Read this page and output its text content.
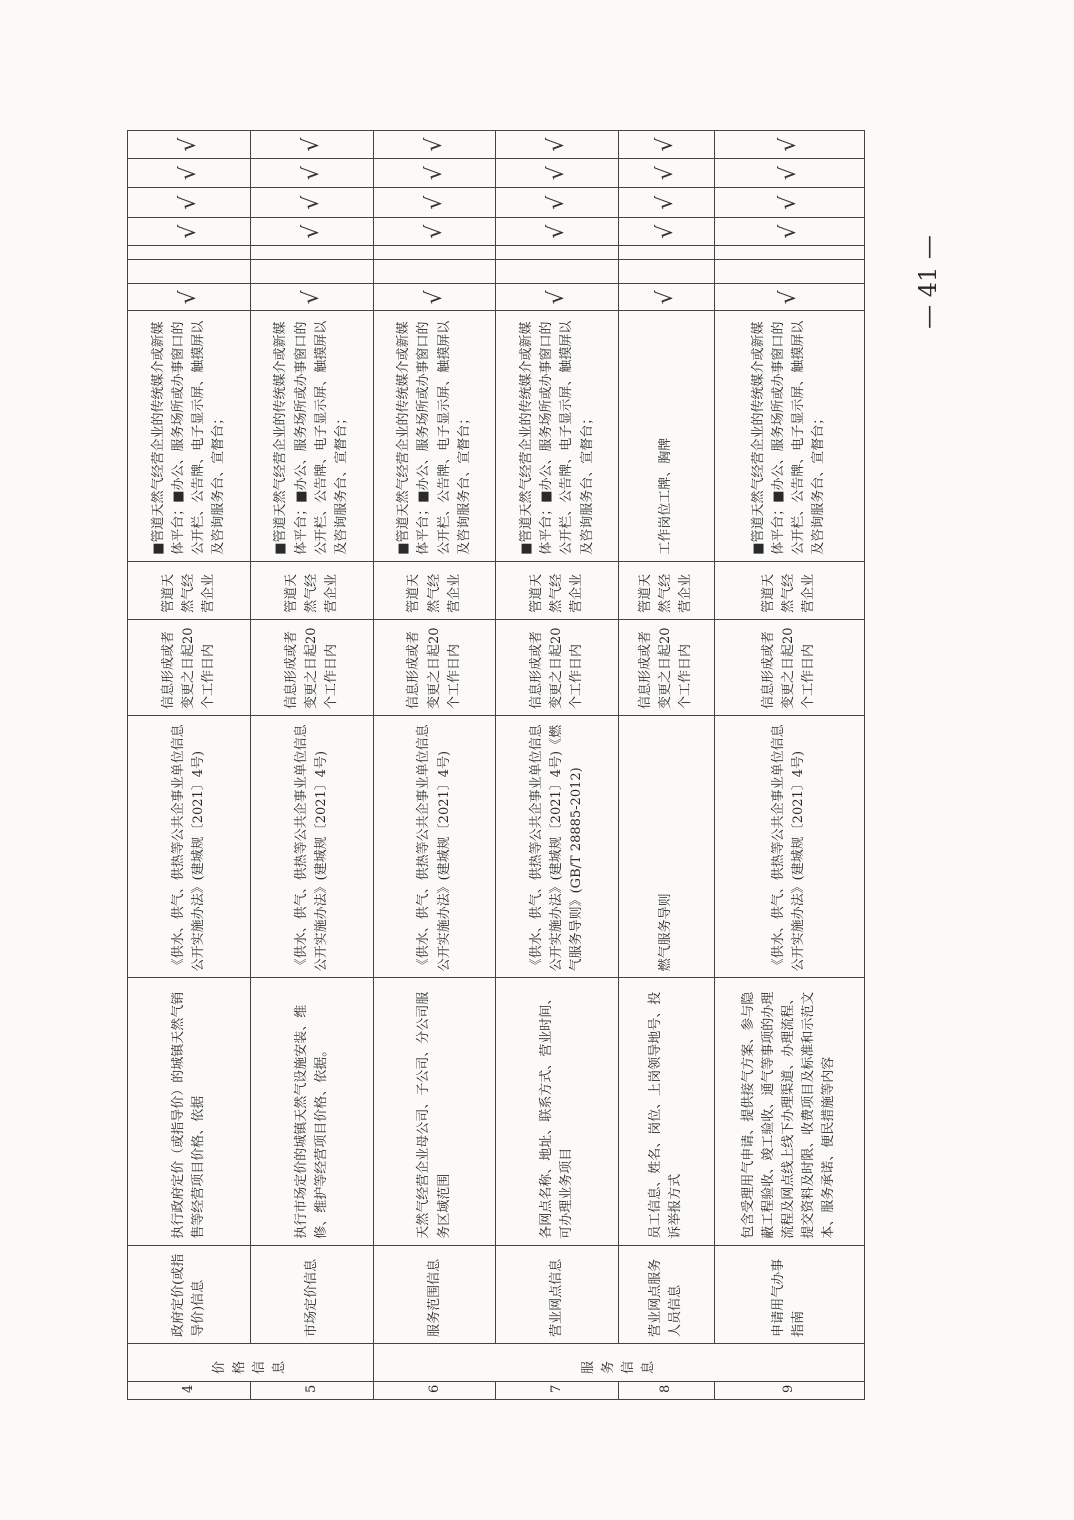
4	价格信息	政府定价(或指导价)信息	执行政府定价（或指导价）的城镇天然气销售等经营项目价格、依据	《供水、供气、供热等公共企事业单位信息公开实施办法》(建城规〔2021〕4号)	信息形成或者变更之日起20个工作日内	管道天然气经营企业	■管道天然气经营企业的传统媒介或新媒体平台；■办公、服务场所或办事窗口的公开栏、公告牌、电子显示屏、触摸屏以及咨询服务台、宣督台；	√			√	√	√	√
5		市场定价信息	执行市场定价的城镇天然气设施安装、维修、维护等经营项目价格、依据。	《供水、供气、供热等公共企事业单位信息公开实施办法》(建城规〔2021〕4号)	信息形成或者变更之日起20个工作日内	管道天然气经营企业	■管道天然气经营企业的传统媒介或新媒体平台；■办公、服务场所或办事窗口的公开栏、公告牌、电子显示屏、触摸屏以及咨询服务台、宣督台；	√			√	√	√	√
6	服务信息	服务范围信息	天然气经营企业母公司、子公司、分公司服务区域范围	《供水、供气、供热等公共企事业单位信息公开实施办法》(建城规〔2021〕4号)	信息形成或者变更之日起20个工作日内	管道天然气经营企业	■管道天然气经营企业的传统媒介或新媒体平台；■办公、服务场所或办事窗口的公开栏、公告牌、电子显示屏、触摸屏以及咨询服务台、宣督台；	√			√	√	√	√
7		营业网点信息	各网点名称、地址、联系方式、营业时间、可办理业务项目	《供水、供气、供热等公共企事业单位信息公开实施办法》(建城规〔2021〕4号)《燃气服务导则》(GB/T 28885-2012)	信息形成或者变更之日起20个工作日内	管道天然气经营企业	■管道天然气经营企业的传统媒介或新媒体平台；■办公、服务场所或办事窗口的公开栏、公告牌、电子显示屏、触摸屏以及咨询服务台、宣督台；	√			√	√	√	√
8		营业网点服务人员信息	员工信息、姓名、岗位、上岗领导地号、投诉举报方式	燃气服务导则	信息形成或者变更之日起20个工作日内	管道天然气经营企业	工作岗位工牌、胸牌	√			√	√	√	√
9		申请用气办事指南	包含受理用气申请、提供接气方案、参与隐蔽工程验收、竣工验收、通气等事项的办理流程及网点线上线下办理渠道、办理流程、提交资料及时限、收费项目及标准和示范文本、服务承诺、便民措施等内容	《供水、供气、供热等公共企事业单位信息公开实施办法》(建城规〔2021〕4号)	信息形成或者变更之日起20个工作日内	管道天然气经营企业	■管道天然气经营企业的传统媒介或新媒体平台；■办公、服务场所或办事窗口的公开栏、公告牌、电子显示屏、触摸屏以及咨询服务台、宣督台；	√			√	√	√	√
— 41 —
